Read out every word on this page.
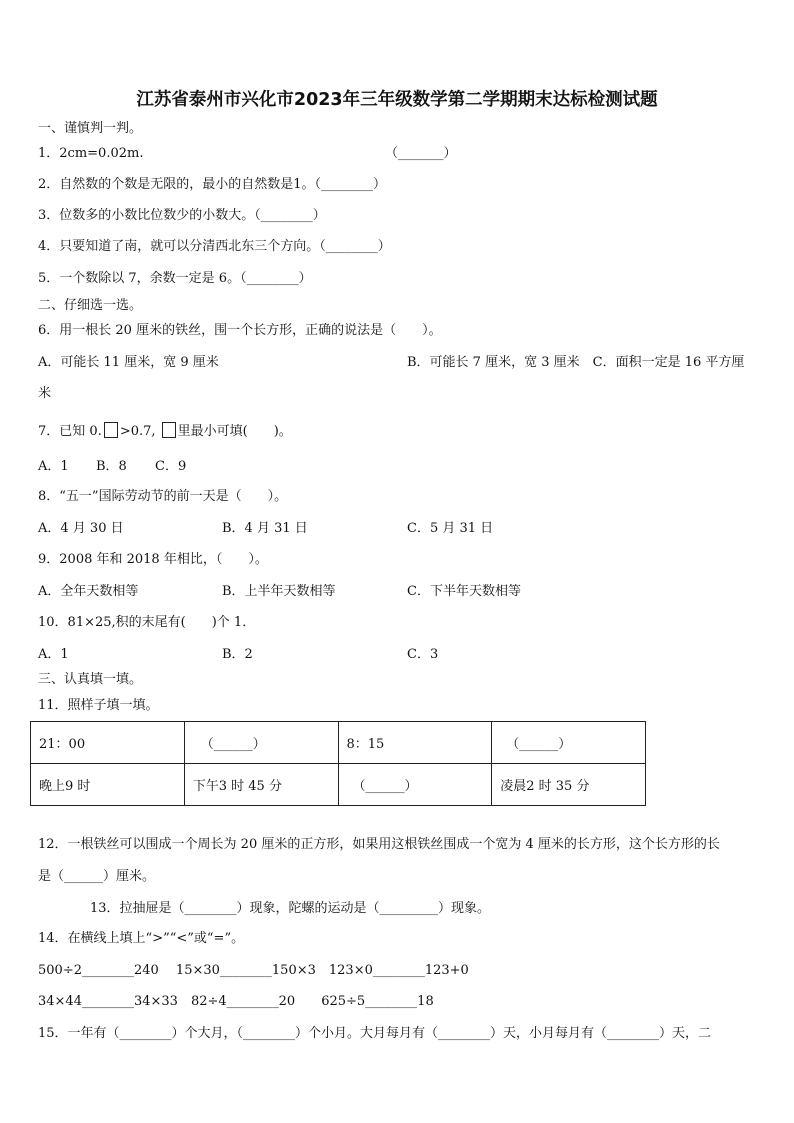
江苏省泰州市兴化市2023年三年级数学第二学期期末达标检测试题
一、谨慎判一判。
1．2cm=0.02m.	（_______）
2．自然数的个数是无限的，最小的自然数是1。（________）
3．位数多的小数比位数少的小数大。（________）
4．只要知道了南，就可以分清西北东三个方向。（________）
5．一个数除以 7，余数一定是 6。（________）
二、仔细选一选。
6．用一根长 20 厘米的铁丝，围一个长方形，正确的说法是（　　）。
A．可能长 11 厘米，宽 9 厘米	B．可能长 7 厘米，宽 3 厘米　C．面积一定是 16 平方厘
米
7．已知 0. >0.7, 里最小可填(　　)。
A．1 B．8 C．9
8．“五一”国际劳动节的前一天是（　　）。
A．4 月 30 日	B．4 月 31 日	C．5 月 31 日
9．2008 年和 2018 年相比，（　　）。
A．全年天数相等	B．上半年天数相等	C．下半年天数相等
10．81×25,积的末尾有(　　)个 1．
A．1	B．2	C．3
三、认真填一填。
11．照样子填一填。
21：00	（______）	8：15	（______）
晚上9 时	下午3 时 45 分	（______）	凌晨2 时 35 分
12．一根铁丝可以围成一个周长为 20 厘米的正方形，如果用这根铁丝围成一个宽为 4 厘米的长方形，这个长方形的长
是（______）厘米。
13．拉抽屉是（________）现象，陀螺的运动是（_________）现象。
14．在横线上填上“>”“<”或“=”。
500÷2________240　 15×30________150×3　123×0________123+0
34×44________34×33　82÷4________20　　625÷5________18
15．一年有（________）个大月，（________）个小月。大月每月有（________）天，小月每月有（________）天，二
